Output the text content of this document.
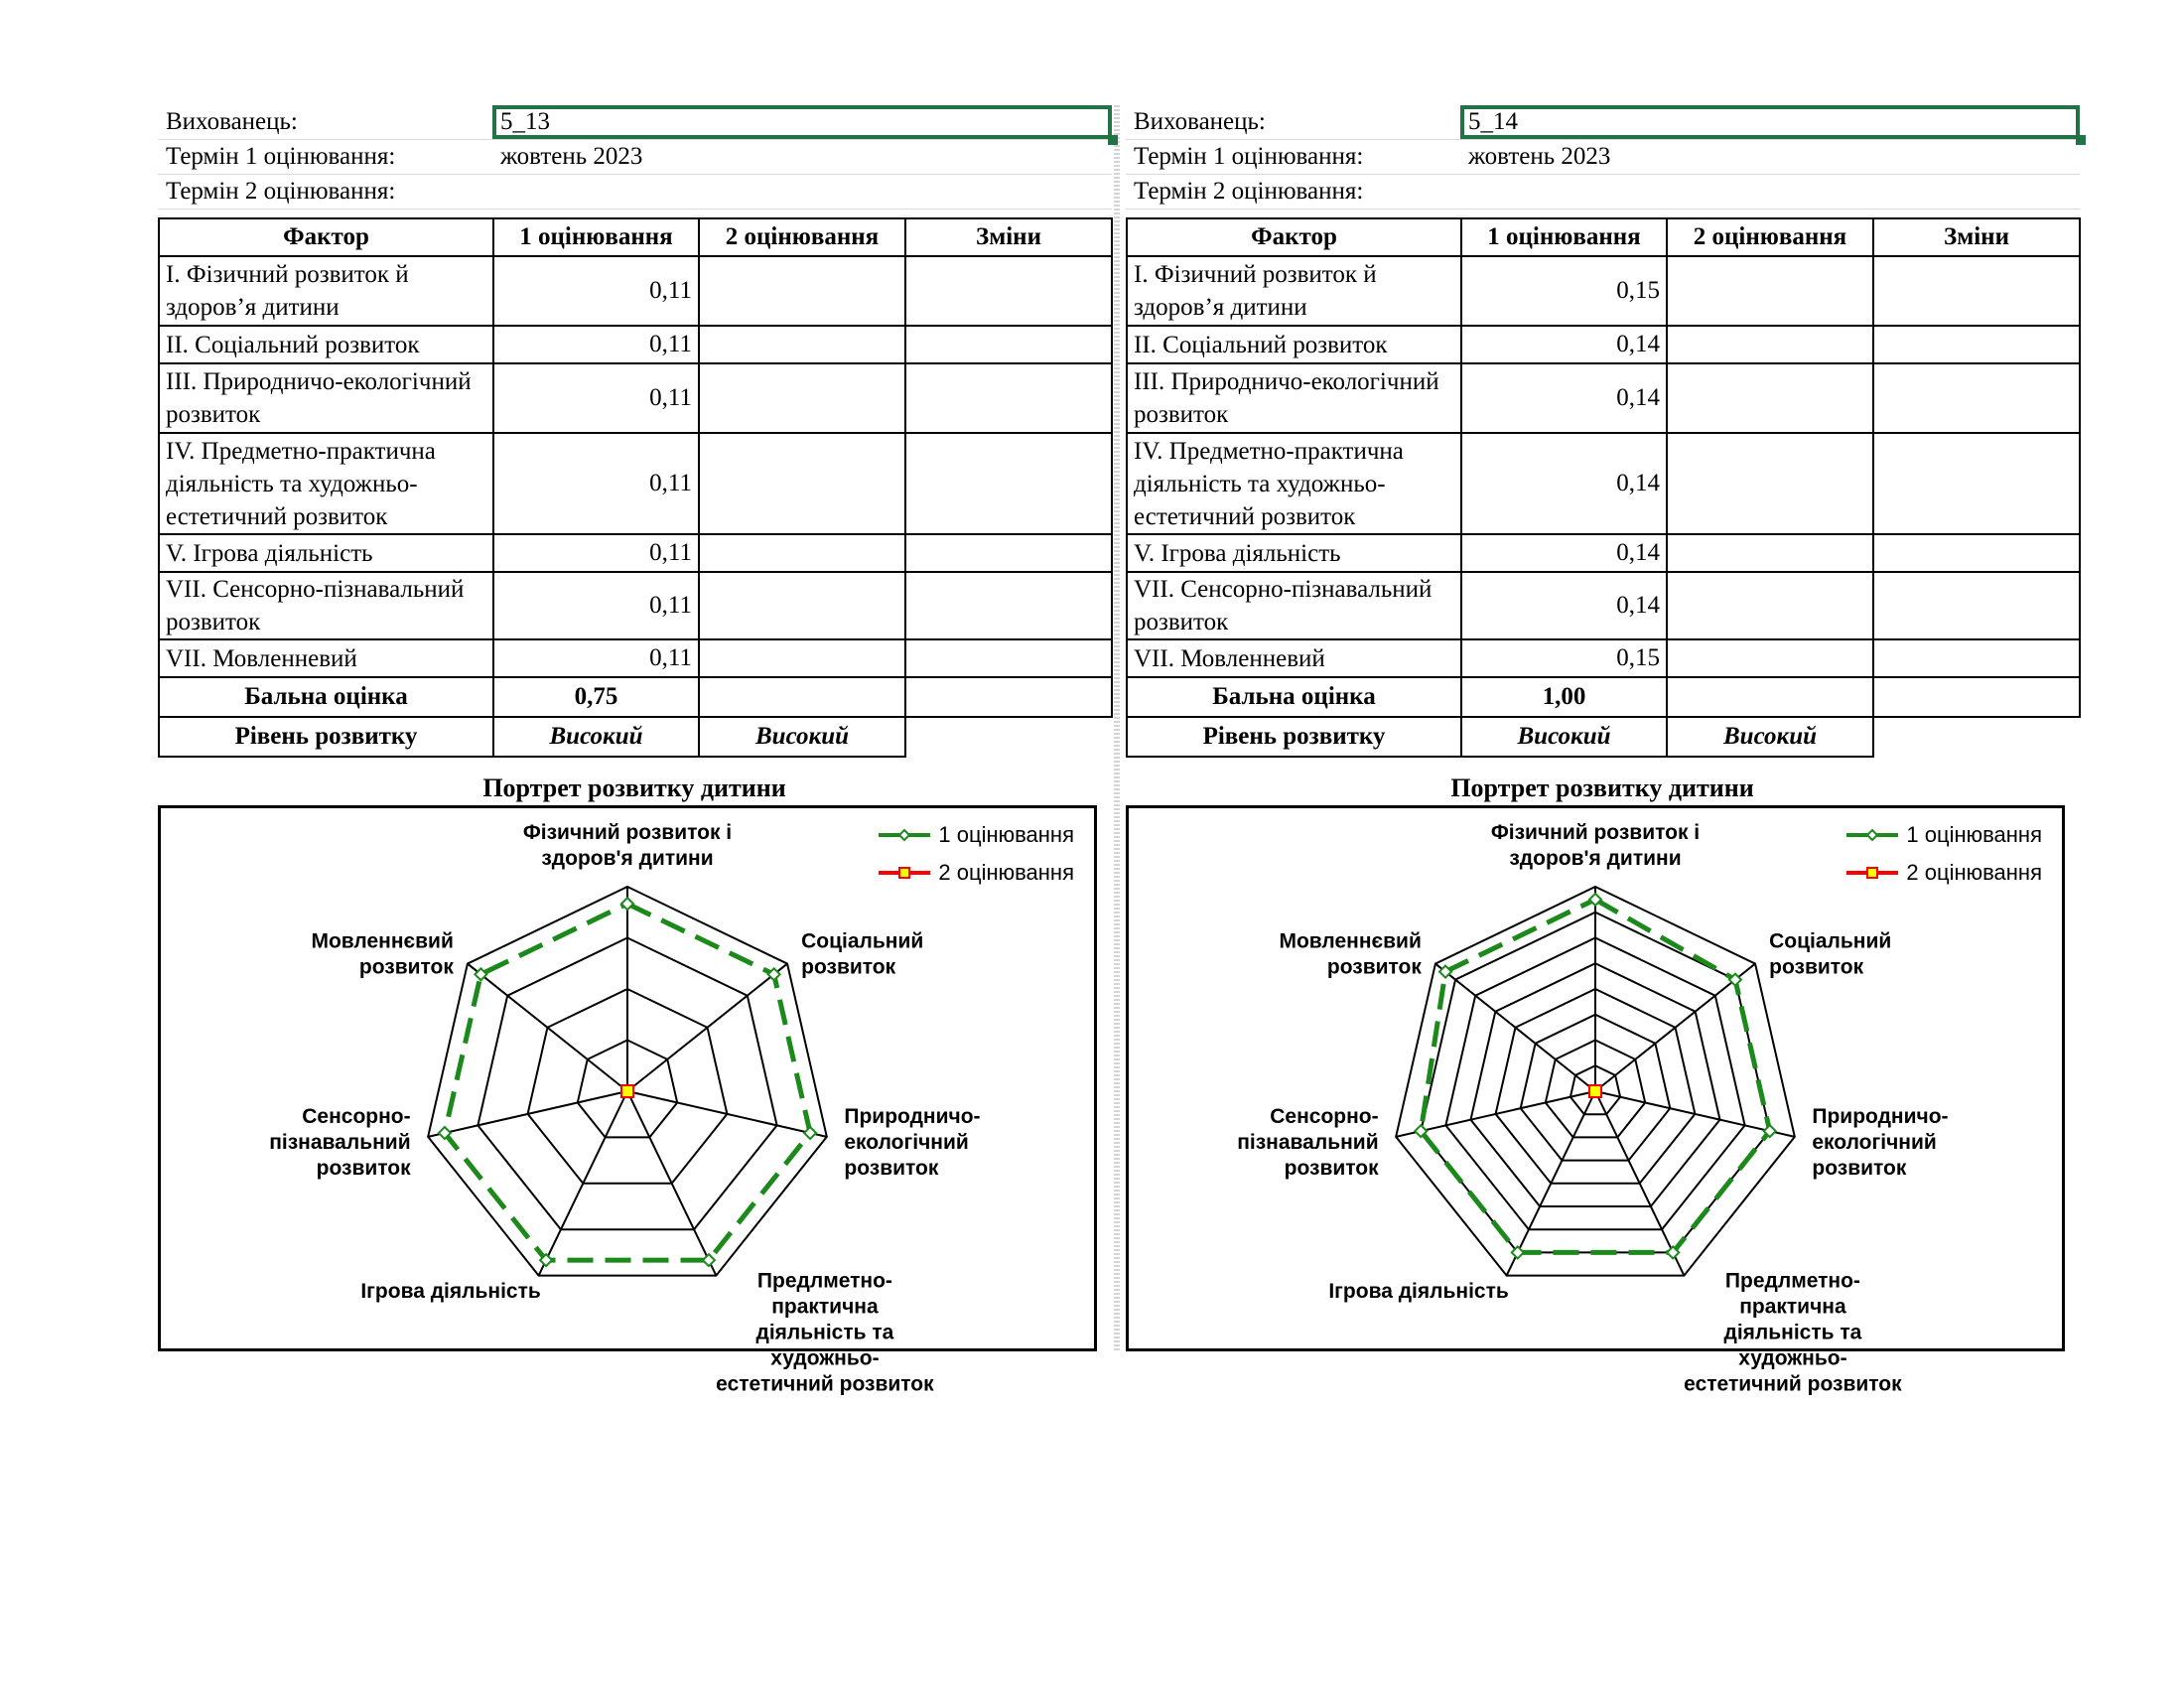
Вихованець:	5_13
Термін 1 оцінювання:	жовтень 2023
Термін 2 оцінювання:
Фактор	1 оцінювання	2 оцінювання	Зміни
І. Фізичний розвиток й здоров’я дитини	0,11		
ІІ. Соціальний розвиток	0,11		
ІІІ. Природничо-екологічний розвиток	0,11		
ІV. Предметно-практична діяльність та художньо-естетичний розвиток	0,11		
V. Ігрова діяльність	0,11		
VІІ. Сенсорно-пізнавальний розвиток	0,11		
VІІ. Мовленневий	0,11		
Бальна оцінка	0,75		
Рівень розвитку	Високий	Високий	
Портрет розвитку дитини
Фізичний розвиток і здоров'я дитини
Соціальний розвиток
Природничо-екологічний розвиток
Предлметно-практична діяльність та художньо-естетичний розвиток
Ігрова діяльність
Сенсорно-пізнавальний розвиток
Мовленнєвий розвиток
1 оцінювання
2 оцінювання
Вихованець:	5_14
Термін 1 оцінювання:	жовтень 2023
Термін 2 оцінювання:
Фактор	1 оцінювання	2 оцінювання	Зміни
І. Фізичний розвиток й здоров’я дитини	0,15		
ІІ. Соціальний розвиток	0,14		
ІІІ. Природничо-екологічний розвиток	0,14		
ІV. Предметно-практична діяльність та художньо-естетичний розвиток	0,14		
V. Ігрова діяльність	0,14		
VІІ. Сенсорно-пізнавальний розвиток	0,14		
VІІ. Мовленневий	0,15		
Бальна оцінка	1,00		
Рівень розвитку	Високий	Високий	
Портрет розвитку дитини
Фізичний розвиток і здоров'я дитини
Соціальний розвиток
Природничо-екологічний розвиток
Предлметно-практична діяльність та художньо-естетичний розвиток
Ігрова діяльність
Сенсорно-пізнавальний розвиток
Мовленнєвий розвиток
1 оцінювання
2 оцінювання
